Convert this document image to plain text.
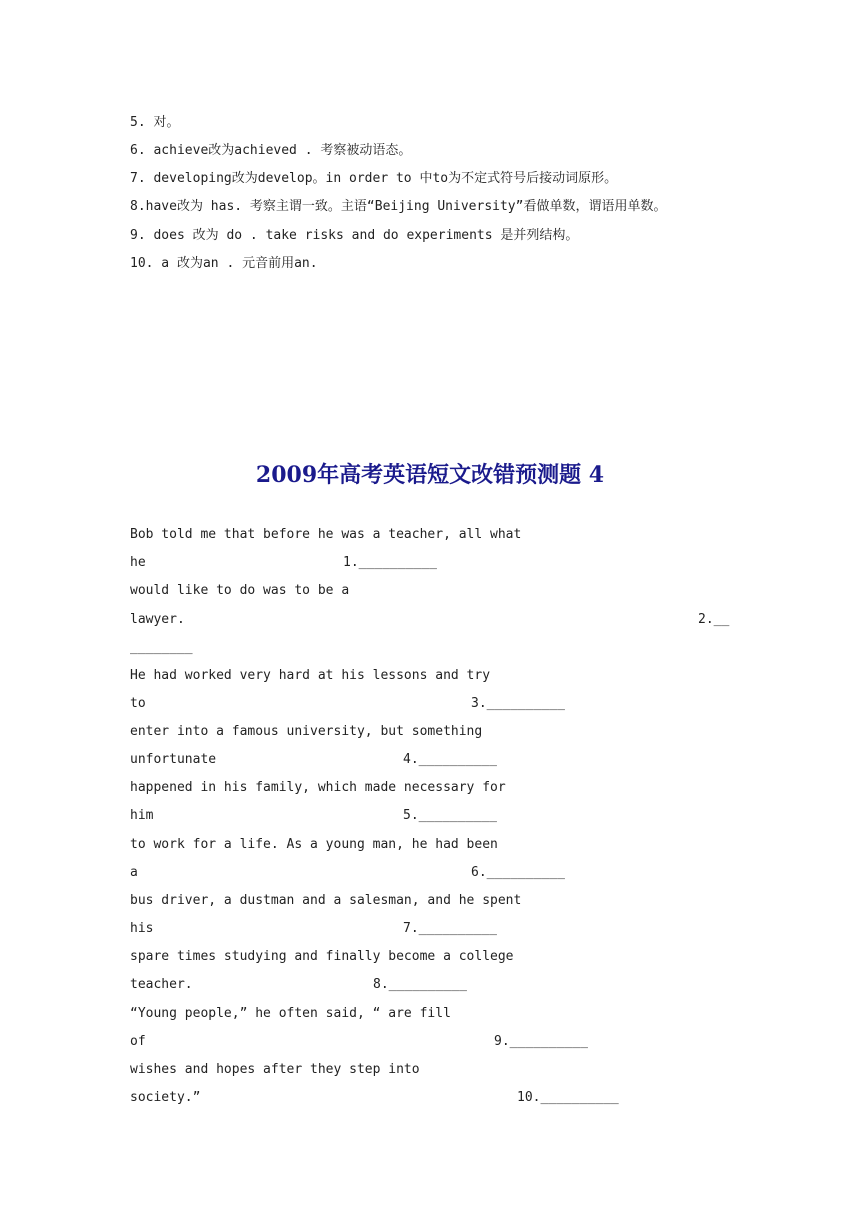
5. 对。
6. achieve改为achieved . 考察被动语态。
7. developing改为develop。in order to 中to为不定式符号后接动词原形。
8.have改为 has. 考察主谓一致。主语“Beijing University”看做单数，谓语用单数。
9. does 改为 do . take risks and do experiments 是并列结构。
10. a 改为an . 元音前用an.
2009年高考英语短文改错预测题 4
Bob told me that before he was a teacher, all what
he
would like to do was to be a
lawyer.
He had worked very hard at his lessons and try
to
enter into a famous university, but something
unfortunate
happened in his family, which made necessary for
him
to work for a life. As a young man, he had been
a
bus driver, a dustman and a salesman, and he spent
his
spare times studying and finally become a college
teacher.
“Young people,” he often said, “ are fill
of
wishes and hopes after they step into
society.”
1.__________
2.__
________
3.__________
4.__________
5.__________
6.__________
7.__________
8.__________
9.__________
10.__________
